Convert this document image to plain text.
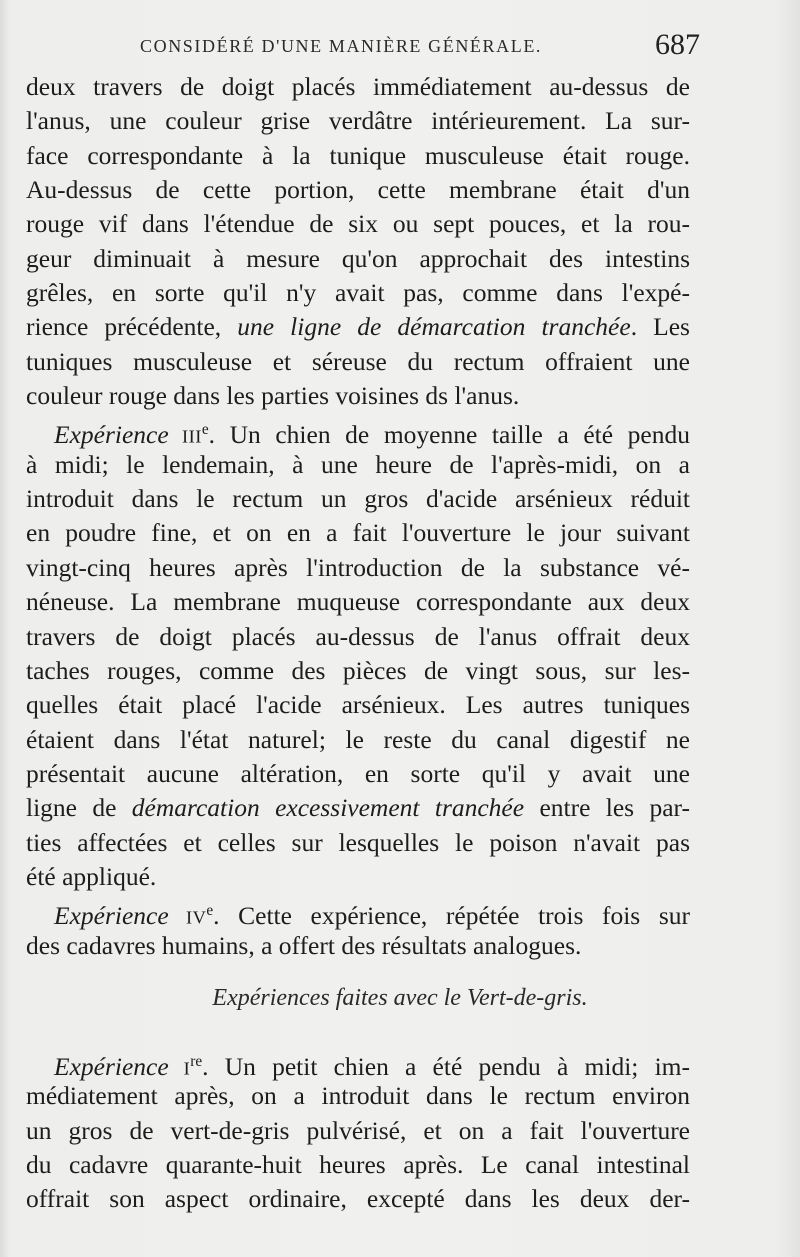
CONSIDÉRÉ D'UNE MANIÈRE GÉNÉRALE.	687
deux travers de doigt placés immédiatement au-dessus de
l'anus, une couleur grise verdâtre intérieurement. La sur-
face correspondante à la tunique musculeuse était rouge.
Au-dessus de cette portion, cette membrane était d'un
rouge vif dans l'étendue de six ou sept pouces, et la rou-
geur diminuait à mesure qu'on approchait des intestins
grêles, en sorte qu'il n'y avait pas, comme dans l'expé-
rience précédente, une ligne de démarcation tranchée. Les
tuniques musculeuse et séreuse du rectum offraient une
couleur rouge dans les parties voisines ds l'anus.
Expérience IIIe. Un chien de moyenne taille a été pendu
à midi; le lendemain, à une heure de l'après-midi, on a
introduit dans le rectum un gros d'acide arsénieux réduit
en poudre fine, et on en a fait l'ouverture le jour suivant
vingt-cinq heures après l'introduction de la substance vé-
néneuse. La membrane muqueuse correspondante aux deux
travers de doigt placés au-dessus de l'anus offrait deux
taches rouges, comme des pièces de vingt sous, sur les-
quelles était placé l'acide arsénieux. Les autres tuniques
étaient dans l'état naturel; le reste du canal digestif ne
présentait aucune altération, en sorte qu'il y avait une
ligne de démarcation excessivement tranchée entre les par-
ties affectées et celles sur lesquelles le poison n'avait pas
été appliqué.
Expérience IVe. Cette expérience, répétée trois fois sur
des cadavres humains, a offert des résultats analogues.
Expériences faites avec le Vert-de-gris.
Expérience Ire. Un petit chien a été pendu à midi; im-
médiatement après, on a introduit dans le rectum environ
un gros de vert-de-gris pulvérisé, et on a fait l'ouverture
du cadavre quarante-huit heures après. Le canal intestinal
offrait son aspect ordinaire, excepté dans les deux der-
